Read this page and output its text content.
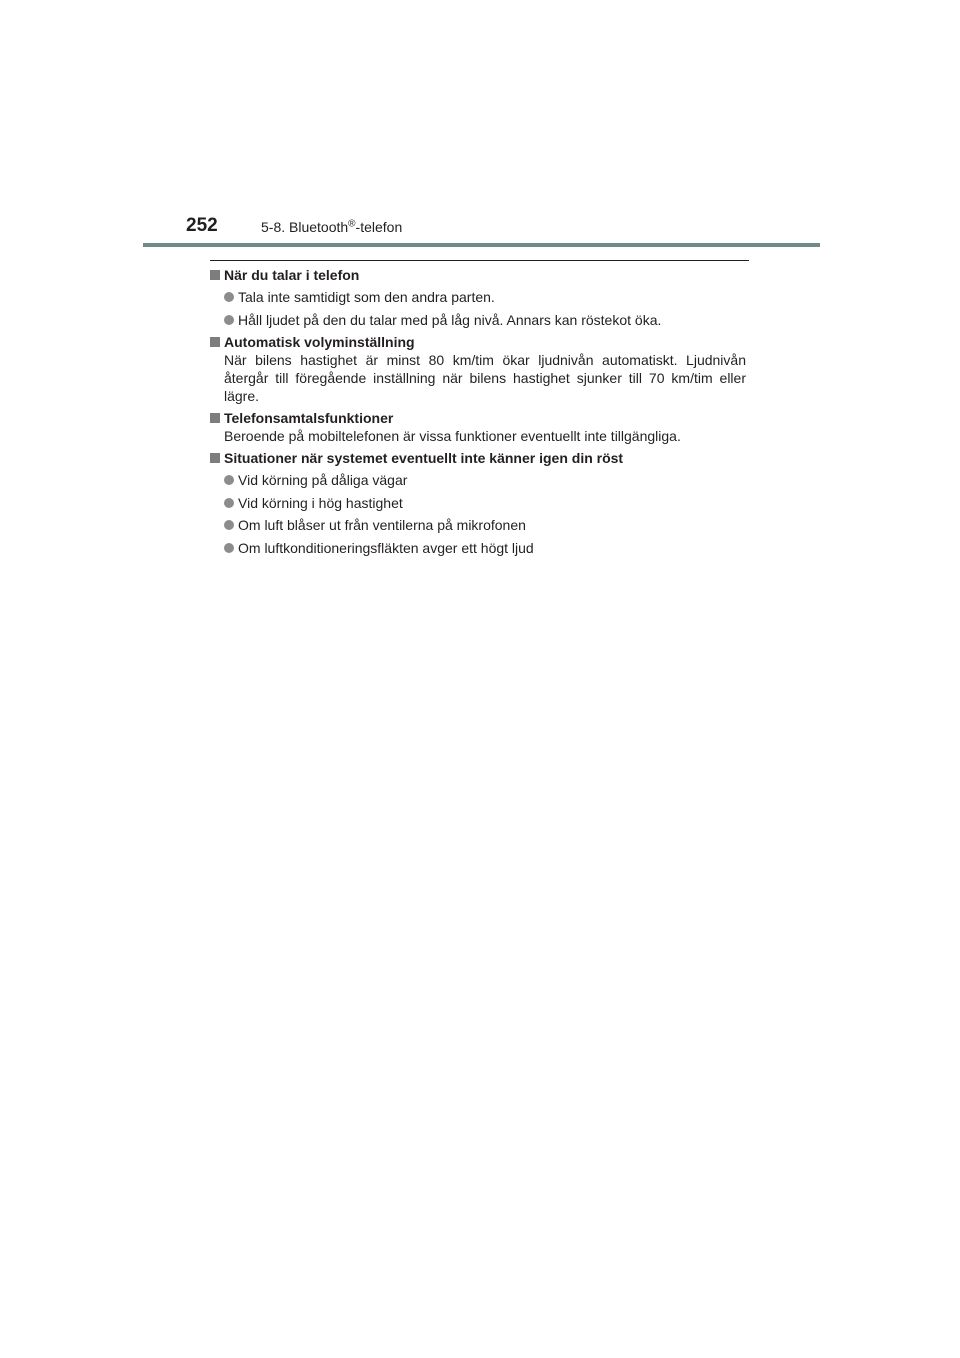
252	5-8. Bluetooth®-telefon
När du talar i telefon
Tala inte samtidigt som den andra parten.
Håll ljudet på den du talar med på låg nivå. Annars kan röstekot öka.
Automatisk volyminställning
När bilens hastighet är minst 80 km/tim ökar ljudnivån automatiskt. Ljudnivån återgår till föregående inställning när bilens hastighet sjunker till 70 km/tim eller lägre.
Telefonsamtalsfunktioner
Beroende på mobiltelefonen är vissa funktioner eventuellt inte tillgängliga.
Situationer när systemet eventuellt inte känner igen din röst
Vid körning på dåliga vägar
Vid körning i hög hastighet
Om luft blåser ut från ventilerna på mikrofonen
Om luftkonditioneringsfläkten avger ett högt ljud
